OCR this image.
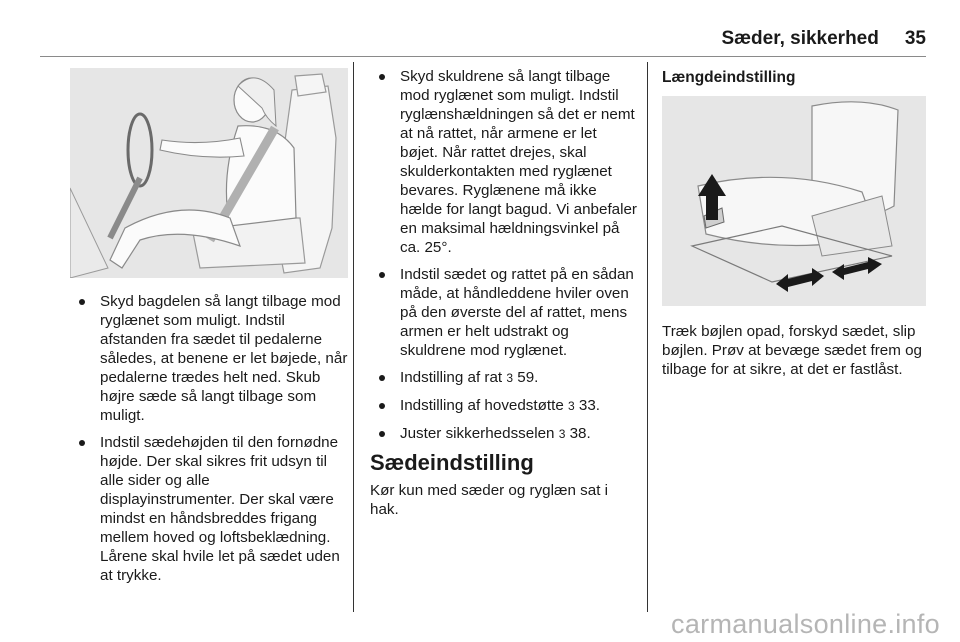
Sæder, sikkerhed 35
Skyd bagdelen så langt tilbage mod ryglænet som muligt. Indstil afstanden fra sædet til pedalerne således, at benene er let bøjede, når pedalerne trædes helt ned. Skub højre sæde så langt tilbage som muligt.
Indstil sædehøjden til den fornødne højde. Der skal sikres frit udsyn til alle sider og alle displayinstrumenter. Der skal være mindst en håndsbreddes frigang mellem hoved og loftsbeklædning. Lårene skal hvile let på sædet uden at trykke.
Skyd skuldrene så langt tilbage mod ryglænet som muligt. Indstil ryglænshældningen så det er nemt at nå rattet, når armene er let bøjet. Når rattet drejes, skal skulderkontakten med ryglænet bevares. Ryglænene må ikke hælde for langt bagud. Vi anbefaler en maksimal hældningsvinkel på ca. 25°.
Indstil sædet og rattet på en sådan måde, at håndleddene hviler oven på den øverste del af rattet, mens armen er helt udstrakt og skuldrene mod ryglænet.
Indstilling af rat 3 59.
Indstilling af hovedstøtte 3 33.
Juster sikkerhedsselen 3 38.
Sædeindstilling

Kør kun med sæder og ryglæn sat i hak.

Længdeindstilling

Træk bøjlen opad, forskyd sædet, slip bøjlen. Prøv at bevæge sædet frem og tilbage for at sikre, at det er fastlåst.

carmanualsonline.info
